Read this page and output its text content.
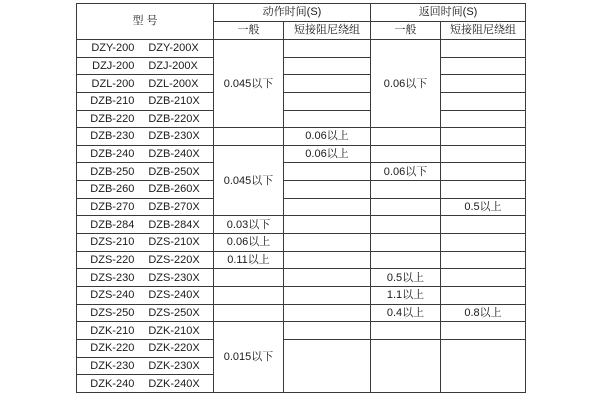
型 号	动作时间(S)		返回时间(S)	
	一般	短接阻尼绕组	一般	短接阻尼绕组
DZY-200 DZY-200X	0.045以下		0.06以下	
DZJ-200 DZJ-200X				
DZL-200 DZL-200X				
DZB-210 DZB-210X				
DZB-220 DZB-220X				
DZB-230 DZB-230X		0.06以上		
DZB-240 DZB-240X	0.045以下	0.06以上		
DZB-250 DZB-250X			0.06以下	
DZB-260 DZB-260X				
DZB-270 DZB-270X				0.5以上
DZB-284 DZB-284X	0.03以下			
DZS-210 DZS-210X	0.06以上			
DZS-220 DZS-220X	0.11以上			
DZS-230 DZS-230X			0.5以上	
DZS-240 DZS-240X			1.1以上	
DZS-250 DZS-250X			0.4以上	0.8以上
DZK-210 DZK-210X	0.015以下			
DZK-220 DZK-220X				
DZK-230 DZK-230X				
DZK-240 DZK-240X				
